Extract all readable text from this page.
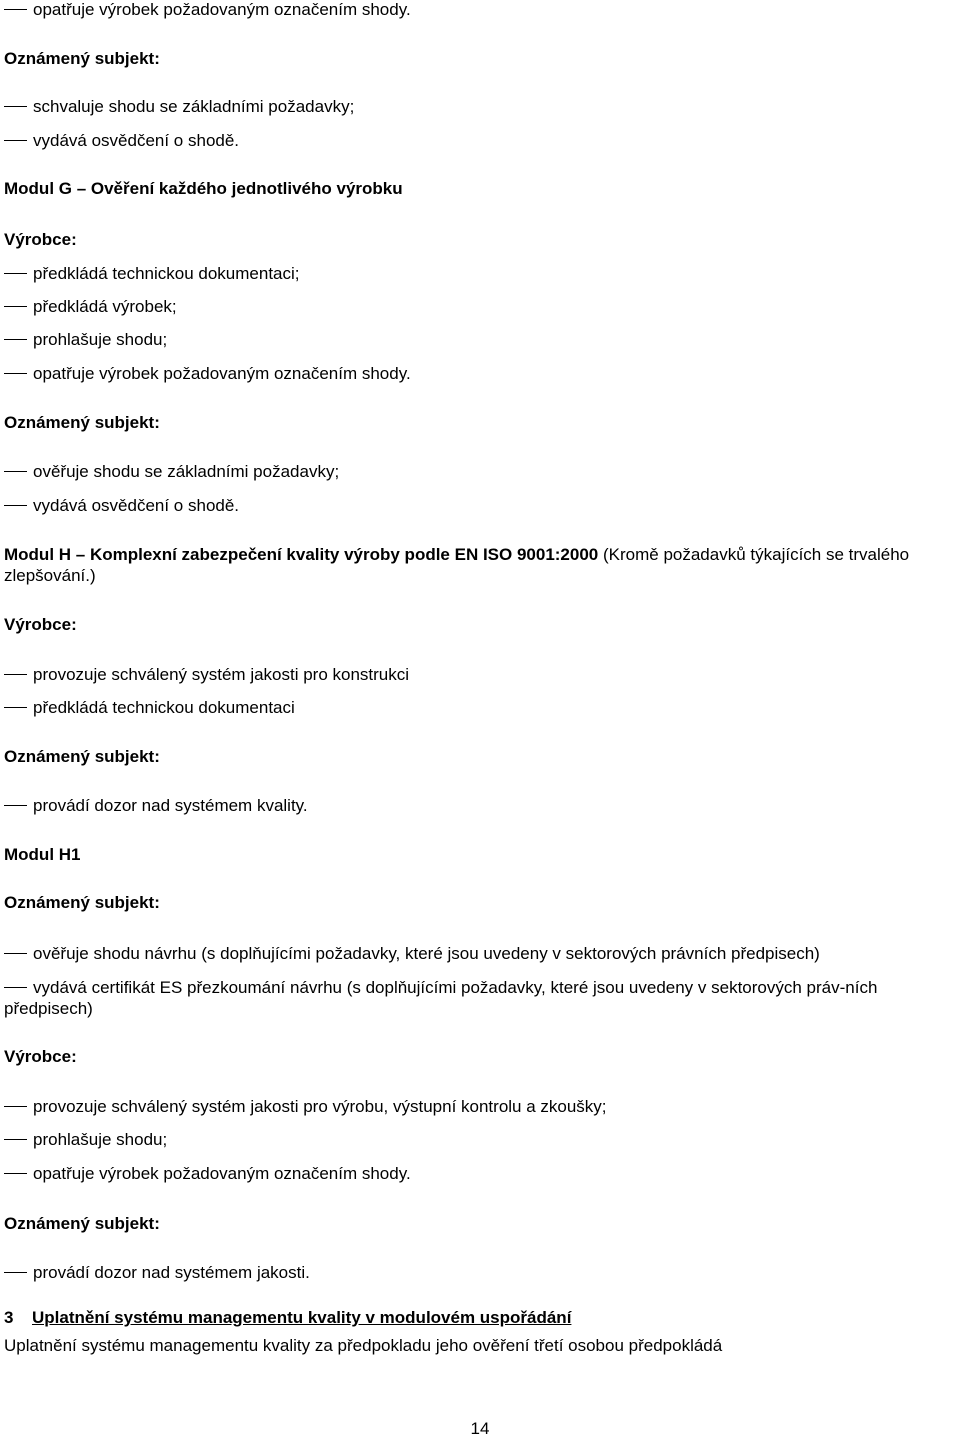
opatřuje výrobek požadovaným označením shody.
Oznámený subjekt:
schvaluje shodu se základními požadavky;
vydává osvědčení o shodě.
Modul G – Ověření každého jednotlivého výrobku
Výrobce:
předkládá technickou dokumentaci;
předkládá výrobek;
prohlašuje shodu;
opatřuje výrobek požadovaným označením shody.
Oznámený subjekt:
ověřuje shodu se základními požadavky;
vydává osvědčení o shodě.
Modul H – Komplexní zabezpečení kvality výroby podle EN ISO 9001:2000 (Kromě požadavků týkajících se trvalého zlepšování.)
Výrobce:
provozuje schválený systém jakosti pro konstrukci
předkládá technickou dokumentaci
Oznámený subjekt:
provádí dozor nad systémem kvality.
Modul H1
Oznámený subjekt:
ověřuje shodu návrhu (s doplňujícími požadavky, které jsou uvedeny v sektorových právních předpisech)
vydává certifikát ES přezkoumání návrhu (s doplňujícími požadavky, které jsou uvedeny v sektorových práv-ních předpisech)
Výrobce:
provozuje schválený systém jakosti pro výrobu, výstupní kontrolu a zkoušky;
prohlašuje shodu;
opatřuje výrobek požadovaným označením shody.
Oznámený subjekt:
provádí dozor nad systémem jakosti.
3 Uplatnění systému managementu kvality v modulovém uspořádání
Uplatnění systému managementu kvality za předpokladu jeho ověření třetí osobou předpokládá
14
